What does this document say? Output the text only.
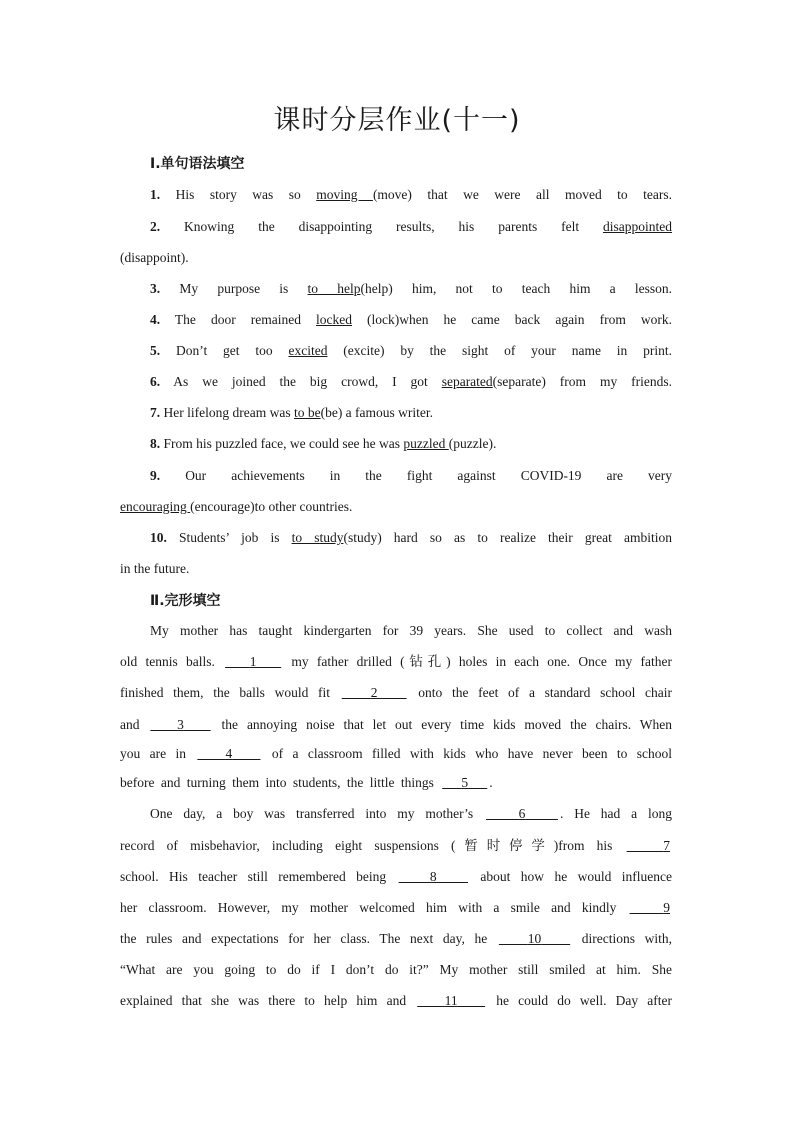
课时分层作业(十一)
Ⅰ.单句语法填空
1. His story was so moving (move) that we were all moved to tears.
2. Knowing the disappointing results, his parents felt disappointed
(disappoint).
3. My purpose is to help(help) him, not to teach him a lesson.
4. The door remained locked (lock)when he came back again from work.
5. Don’t get too excited (excite) by the sight of your name in print.
6. As we joined the big crowd, I got separated(separate) from my friends.
7. Her lifelong dream was to be(be) a famous writer.
8. From his puzzled face, we could see he was puzzled (puzzle).
9. Our achievements in the fight against COVID-19 are very
encouraging (encourage)to other countries.
10. Students’ job is to study(study) hard so as to realize their great ambition
in the future.
Ⅱ.完形填空
My mother has taught kindergarten for 39 years. She used to collect and wash
old tennis balls.    1    my father drilled (钻孔) holes in each one. Once my father
finished them, the balls would fit    2    onto the feet of a standard school chair
and    3    the annoying noise that let out every time kids moved the chairs. When
you are in    4    of a classroom filled with kids who have never been to school
before and turning them into students, the little things    5 .
One day, a boy was transferred into my mother’s	6	. He had a long
record of misbehavior, including eight suspensions (暂时停学)from his	7
school. His teacher still remembered being    8    about how he would influence
her classroom. However, my mother welcomed him with a smile and kindly	9
the rules and expectations for her class. The next day, he    10    directions with,
“What are you going to do if I don’t do it?” My mother still smiled at him. She
explained that she was there to help him and    11    he could do well. Day after
